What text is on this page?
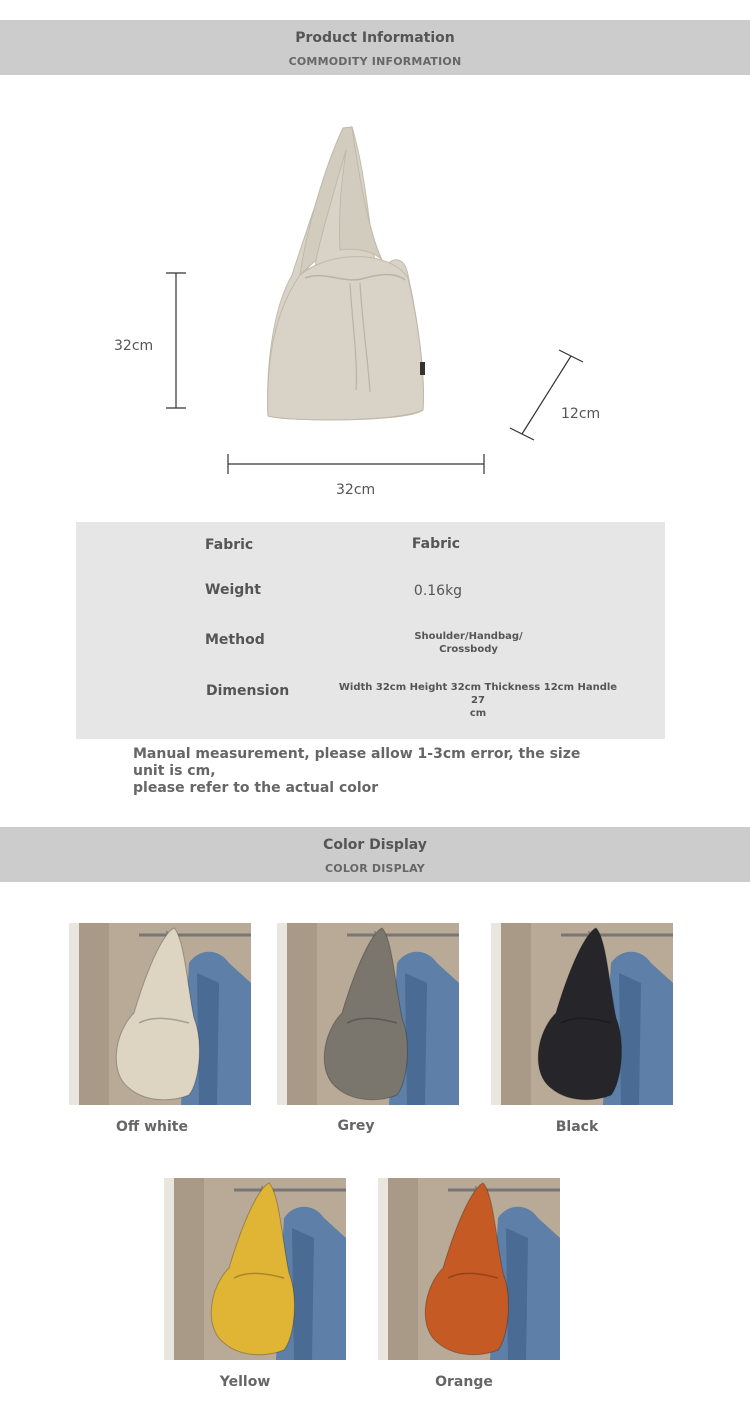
Product Information
COMMODITY INFORMATION
32cm
32cm
12cm
Fabric	Fabric
Weight	0.16kg
Method	Shoulder/Handbag/
Crossbody
Dimension	Width 32cm Height 32cm Thickness 12cm Handle 27
cm
Manual measurement, please allow 1-3cm error, the size unit is cm,
please refer to the actual color
Color Display
COLOR DISPLAY
Off white	Grey	Black
Yellow	Orange
